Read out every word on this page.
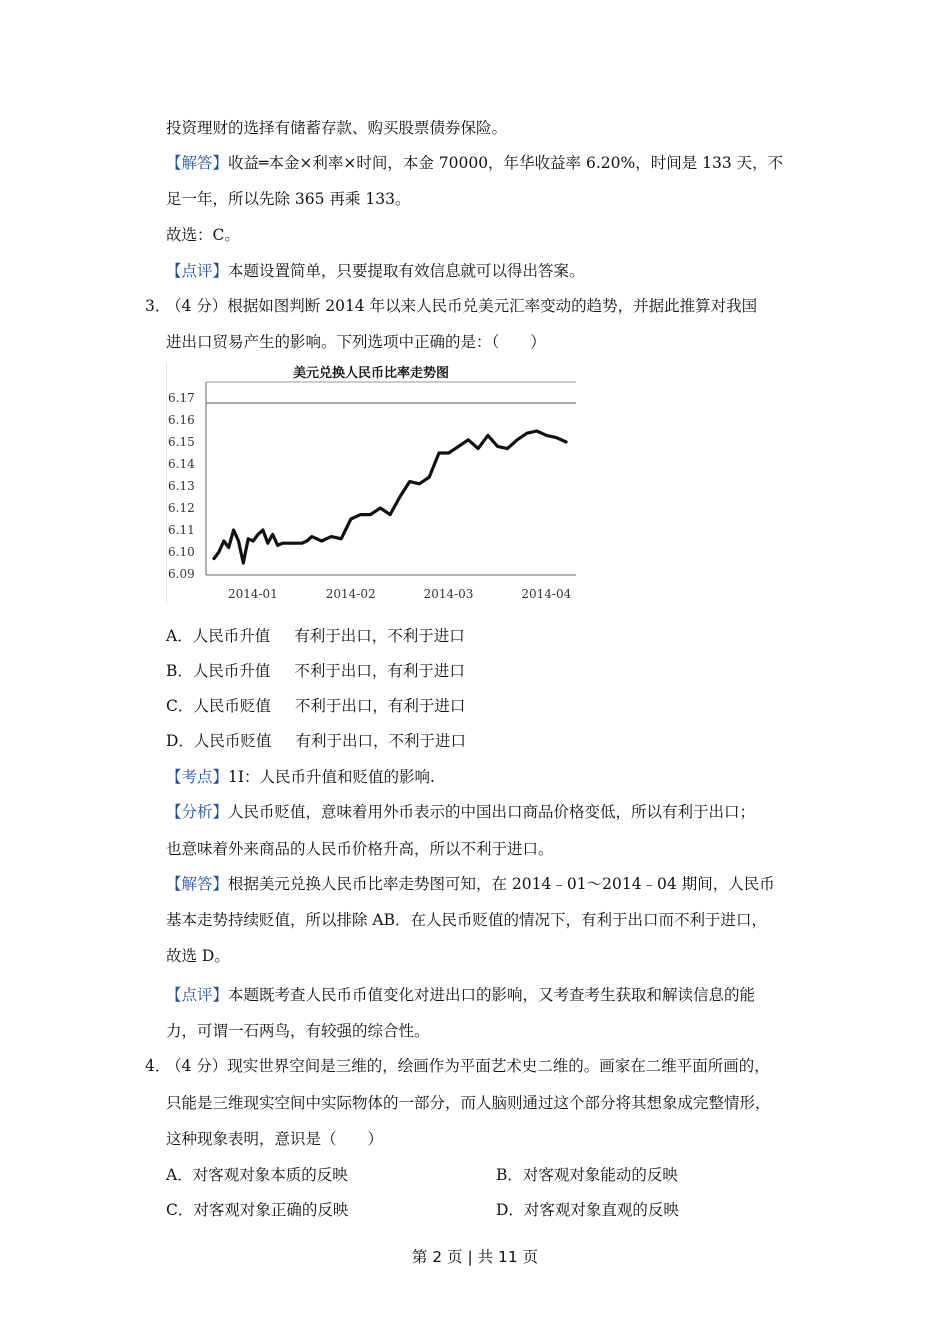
投资理财的选择有储蓄存款、购买股票债券保险。
【解答】收益═本金×利率×时间，本金 70000，年华收益率 6.20%，时间是 133 天，不
足一年，所以先除 365 再乘 133。
故选：C。
【点评】本题设置简单，只要提取有效信息就可以得出答案。
3．
（4 分）根据如图判断 2014 年以来人民币兑美元汇率变动的趋势，并据此推算对我国
进出口贸易产生的影响。下列选项中正确的是：（　　）
美元兑换人民币比率走势图
6.09
6.10
6.11
6.12
6.13
6.14
6.15
6.16
6.17
2014-01	2014-02	2014-03	2014-04
A．人民币升值 有利于出口，不利于进口
B．人民币升值 不利于出口，有利于进口
C．人民币贬值 不利于出口，有利于进口
D．人民币贬值 有利于出口，不利于进口
【考点】1I：人民币升值和贬值的影响.
【分析】人民币贬值，意味着用外币表示的中国出口商品价格变低，所以有利于出口；
也意味着外来商品的人民币价格升高，所以不利于进口。
【解答】根据美元兑换人民币比率走势图可知，在 2014﹣01～2014﹣04 期间，人民币
基本走势持续贬值，所以排除 AB．在人民币贬值的情况下，有利于出口而不利于进口，
故选 D。
【点评】本题既考查人民币币值变化对进出口的影响，又考查考生获取和解读信息的能
力，可谓一石两鸟，有较强的综合性。
4．
（4 分）现实世界空间是三维的，绘画作为平面艺术史二维的。画家在二维平面所画的，
只能是三维现实空间中实际物体的一部分，而人脑则通过这个部分将其想象成完整情形，
这种现象表明，意识是（　　）
A．对客观对象本质的反映	B．对客观对象能动的反映
C．对客观对象正确的反映	D．对客观对象直观的反映
第 2 页 | 共 11 页
